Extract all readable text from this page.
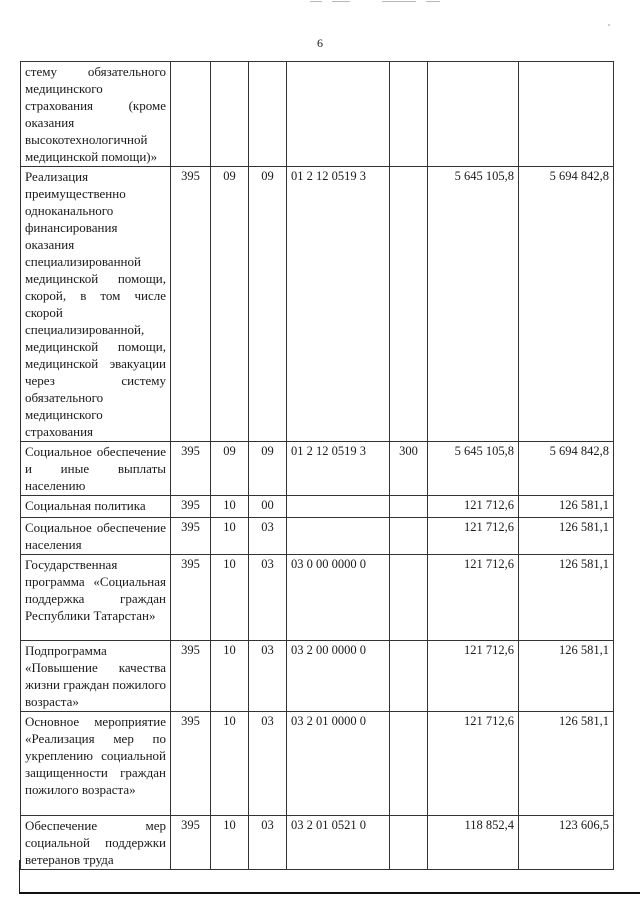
6
стему обязательного медицинского страхования (кроме оказания высокотехнологичной медицинской помощи)»							
Реализация преимущественно одноканального финансирования оказания специализированной медицинской помощи, скорой, в том числе скорой специализированной, медицинской помощи, медицинской эвакуации через систему обязательного медицинского страхования	395	09	09	01 2 12 0519 3		5 645 105,8	5 694 842,8
Социальное обеспечение и иные выплаты населению	395	09	09	01 2 12 0519 3	300	5 645 105,8	5 694 842,8
Социальная политика	395	10	00			121 712,6	126 581,1
Социальное обеспечение населения	395	10	03			121 712,6	126 581,1
Государственная программа «Социальная поддержка граждан Республики Татарстан»	395	10	03	03 0 00 0000 0		121 712,6	126 581,1
Подпрограмма «Повышение качества жизни граждан пожилого возраста»	395	10	03	03 2 00 0000 0		121 712,6	126 581,1
Основное мероприятие «Реализация мер по укреплению социальной защищенности граждан пожилого возраста»	395	10	03	03 2 01 0000 0		121 712,6	126 581,1
Обеспечение мер социальной поддержки ветеранов труда	395	10	03	03 2 01 0521 0		118 852,4	123 606,5
